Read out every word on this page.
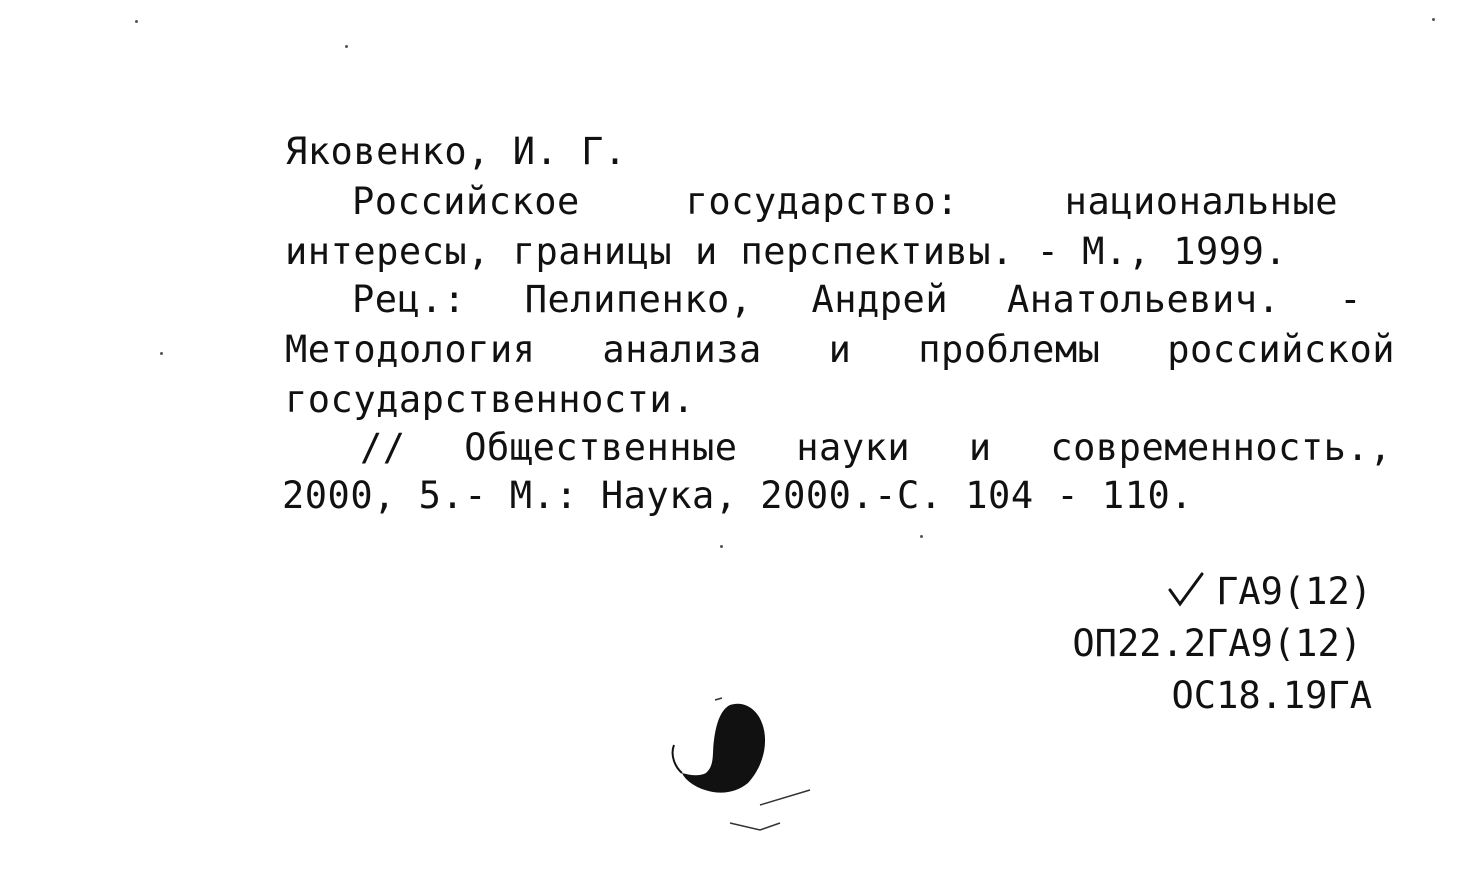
Яковенко, И. Г.
Российское государство: национальные
интересы, границы и перспективы. - М., 1999.
Рец.: Пелипенко, Андрей Анатольевич. -
Методология анализа и проблемы российской
государственности.
// Общественные науки и современность.,
2000, 5.- М.: Наука, 2000.-С. 104 - 110.
ГА9(12)
ОП22.2ГА9(12)
ОС18.19ГА
